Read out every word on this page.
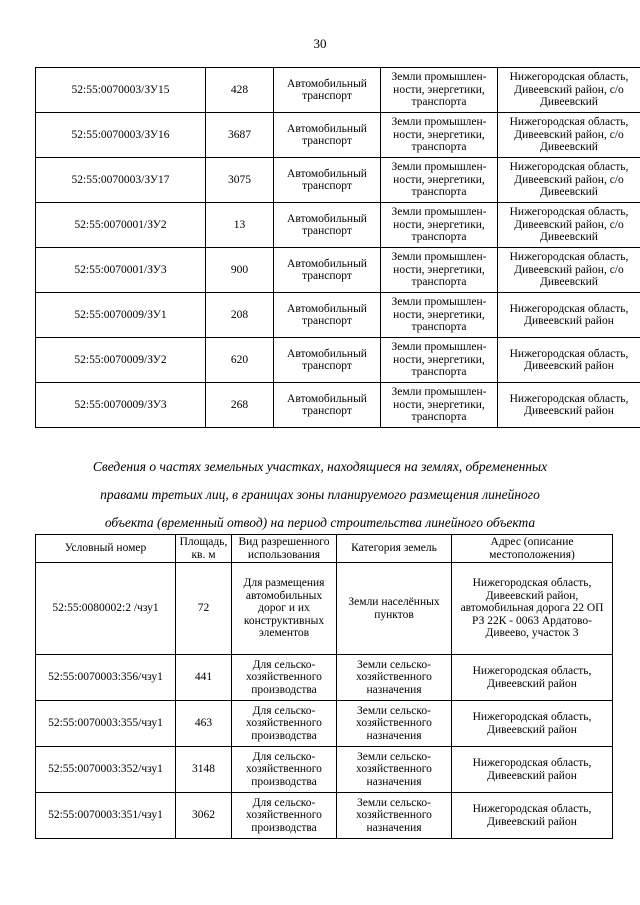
30
52:55:0070003/ЗУ15	428	Автомобильный транспорт	Земли промышлен- ности, энергетики, транспорта	Нижегородская область, Дивеевский район, с/о Дивеевский
52:55:0070003/ЗУ16	3687	Автомобильный транспорт	Земли промышлен- ности, энергетики, транспорта	Нижегородская область, Дивеевский район, с/о Дивеевский
52:55:0070003/ЗУ17	3075	Автомобильный транспорт	Земли промышлен- ности, энергетики, транспорта	Нижегородская область, Дивеевский район, с/о Дивеевский
52:55:0070001/ЗУ2	13	Автомобильный транспорт	Земли промышлен- ности, энергетики, транспорта	Нижегородская область, Дивеевский район, с/о Дивеевский
52:55:0070001/ЗУ3	900	Автомобильный транспорт	Земли промышлен- ности, энергетики, транспорта	Нижегородская область, Дивеевский район, с/о Дивеевский
52:55:0070009/ЗУ1	208	Автомобильный транспорт	Земли промышлен- ности, энергетики, транспорта	Нижегородская область, Дивеевский район
52:55:0070009/ЗУ2	620	Автомобильный транспорт	Земли промышлен- ности, энергетики, транспорта	Нижегородская область, Дивеевский район
52:55:0070009/ЗУ3	268	Автомобильный транспорт	Земли промышлен- ности, энергетики, транспорта	Нижегородская область, Дивеевский район
Сведения о частях земельных участках, находящиеся на землях, обремененных
правами третьих лиц, в границах зоны планируемого размещения линейного
объекта (временный отвод) на период строительства линейного объекта
Условный номер	Площадь, кв. м	Вид разрешенного использования	Категория земель	Адрес (описание местоположения)
52:55:0080002:2 /чзу1	72	Для размещения автомобильных дорог и их конструктивных элементов	Земли населённых пунктов	Нижегородская область, Дивеевский район, автомобильная дорога 22 ОП РЗ 22К - 0063 Ардатово-Дивеево, участок 3
52:55:0070003:356/чзу1	441	Для сельско- хозяйственного производства	Земли сельско- хозяйственного назначения	Нижегородская область, Дивеевский район
52:55:0070003:355/чзу1	463	Для сельско- хозяйственного производства	Земли сельско- хозяйственного назначения	Нижегородская область, Дивеевский район
52:55:0070003:352/чзу1	3148	Для сельско- хозяйственного производства	Земли сельско- хозяйственного назначения	Нижегородская область, Дивеевский район
52:55:0070003:351/чзу1	3062	Для сельско- хозяйственного производства	Земли сельско- хозяйственного назначения	Нижегородская область, Дивеевский район
